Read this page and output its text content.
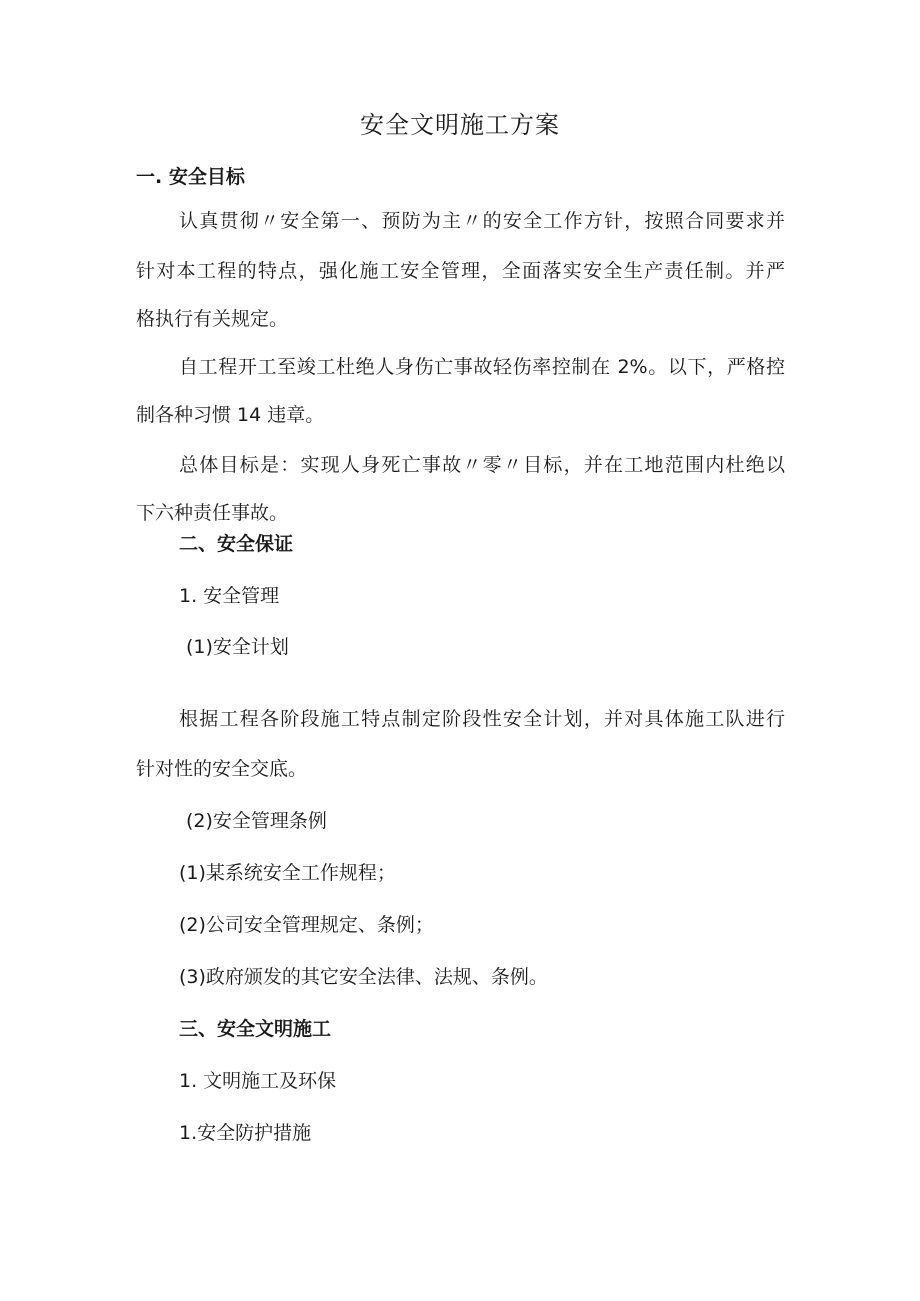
安全文明施工方案
一. 安全目标
认真贯彻〃安全第一、预防为主〃的安全工作方针，按照合同要求并
针对本工程的特点，强化施工安全管理，全面落实安全生产责任制。并严
格执行有关规定。
自工程开工至竣工杜绝人身伤亡事故轻伤率控制在 2%。以下，严格控
制各种习惯 14 违章。
总体目标是：实现人身死亡事故〃零〃目标，并在工地范围内杜绝以
下六种责任事故。
二、安全保证
1. 安全管理
(1)安全计划
根据工程各阶段施工特点制定阶段性安全计划，并对具体施工队进行
针对性的安全交底。
(2)安全管理条例
(1)某系统安全工作规程；
(2)公司安全管理规定、条例；
(3)政府颁发的其它安全法律、法规、条例。
三、安全文明施工
1. 文明施工及环保
1.安全防护措施
